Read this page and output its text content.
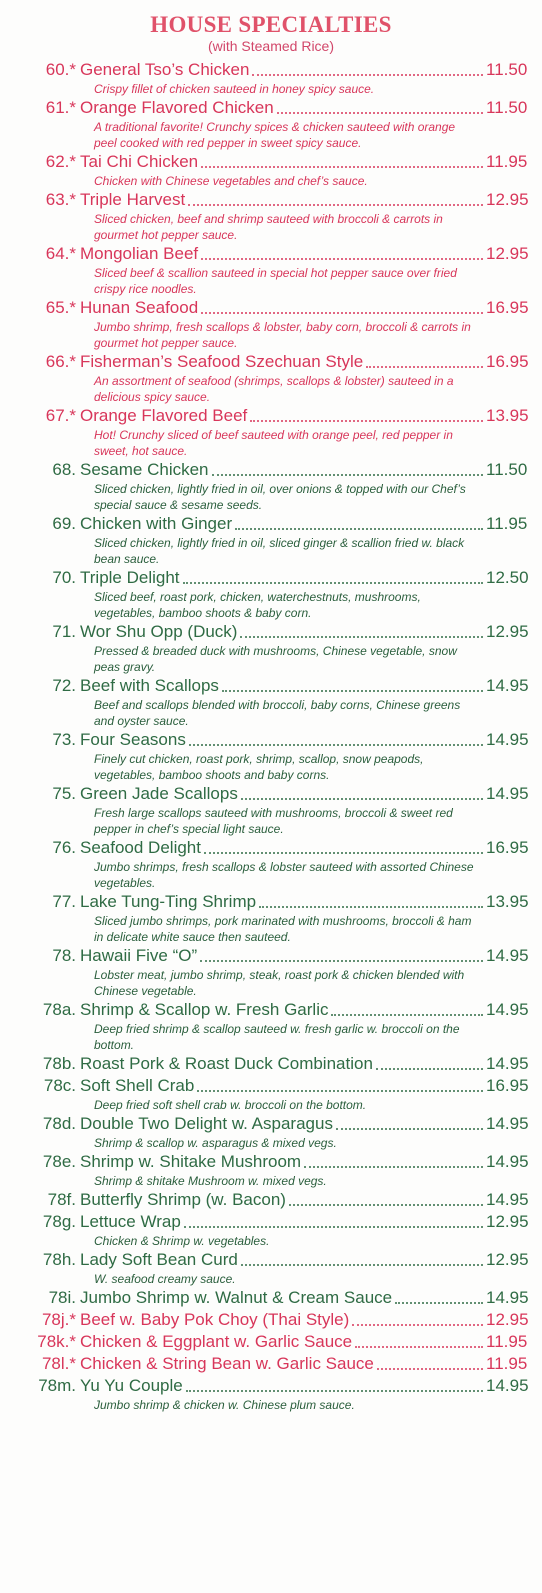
HOUSE SPECIALTIES
(with Steamed Rice)
60.* General Tso’s Chicken	11.50
Crispy fillet of chicken sauteed in honey spicy sauce.
61.* Orange Flavored Chicken	11.50
A traditional favorite! Crunchy spices & chicken sauteed with orange peel cooked with red pepper in sweet spicy sauce.
62.* Tai Chi Chicken	11.95
Chicken with Chinese vegetables and chef’s sauce.
63.* Triple Harvest	12.95
Sliced chicken, beef and shrimp sauteed with broccoli & carrots in gourmet hot pepper sauce.
64.* Mongolian Beef	12.95
Sliced beef & scallion sauteed in special hot pepper sauce over fried crispy rice noodles.
65.* Hunan Seafood	16.95
Jumbo shrimp, fresh scallops & lobster, baby corn, broccoli & carrots in gourmet hot pepper sauce.
66.* Fisherman’s Seafood Szechuan Style	16.95
An assortment of seafood (shrimps, scallops & lobster) sauteed in a delicious spicy sauce.
67.* Orange Flavored Beef	13.95
Hot! Crunchy sliced of beef sauteed with orange peel, red pepper in sweet, hot sauce.
68. Sesame Chicken	11.50
Sliced chicken, lightly fried in oil, over onions & topped with our Chef’s special sauce & sesame seeds.
69. Chicken with Ginger	11.95
Sliced chicken, lightly fried in oil, sliced ginger & scallion fried w. black bean sauce.
70. Triple Delight	12.50
Sliced beef, roast pork, chicken, waterchestnuts, mushrooms, vegetables, bamboo shoots & baby corn.
71. Wor Shu Opp (Duck)	12.95
Pressed & breaded duck with mushrooms, Chinese vegetable, snow peas gravy.
72. Beef with Scallops	14.95
Beef and scallops blended with broccoli, baby corns, Chinese greens and oyster sauce.
73. Four Seasons	14.95
Finely cut chicken, roast pork, shrimp, scallop, snow peapods, vegetables, bamboo shoots and baby corns.
75. Green Jade Scallops	14.95
Fresh large scallops sauteed with mushrooms, broccoli & sweet red pepper in chef’s special light sauce.
76. Seafood Delight	16.95
Jumbo shrimps, fresh scallops & lobster sauteed with assorted Chinese vegetables.
77. Lake Tung-Ting Shrimp	13.95
Sliced jumbo shrimps, pork marinated with mushrooms, broccoli & ham in delicate white sauce then sauteed.
78. Hawaii Five “O”	14.95
Lobster meat, jumbo shrimp, steak, roast pork & chicken blended with Chinese vegetable.
78a. Shrimp & Scallop w. Fresh Garlic	14.95
Deep fried shrimp & scallop sauteed w. fresh garlic w. broccoli on the bottom.
78b. Roast Pork & Roast Duck Combination	14.95
78c. Soft Shell Crab	16.95
Deep fried soft shell crab w. broccoli on the bottom.
78d. Double Two Delight w. Asparagus	14.95
Shrimp & scallop w. asparagus & mixed vegs.
78e. Shrimp w. Shitake Mushroom	14.95
Shrimp & shitake Mushroom w. mixed vegs.
78f. Butterfly Shrimp (w. Bacon)	14.95
78g. Lettuce Wrap	12.95
Chicken & Shrimp w. vegetables.
78h. Lady Soft Bean Curd	12.95
W. seafood creamy sauce.
78i. Jumbo Shrimp w. Walnut & Cream Sauce	14.95
78j.* Beef w. Baby Pok Choy (Thai Style)	12.95
78k.* Chicken & Eggplant w. Garlic Sauce	11.95
78l.* Chicken & String Bean w. Garlic Sauce	11.95
78m. Yu Yu Couple	14.95
Jumbo shrimp & chicken w. Chinese plum sauce.
